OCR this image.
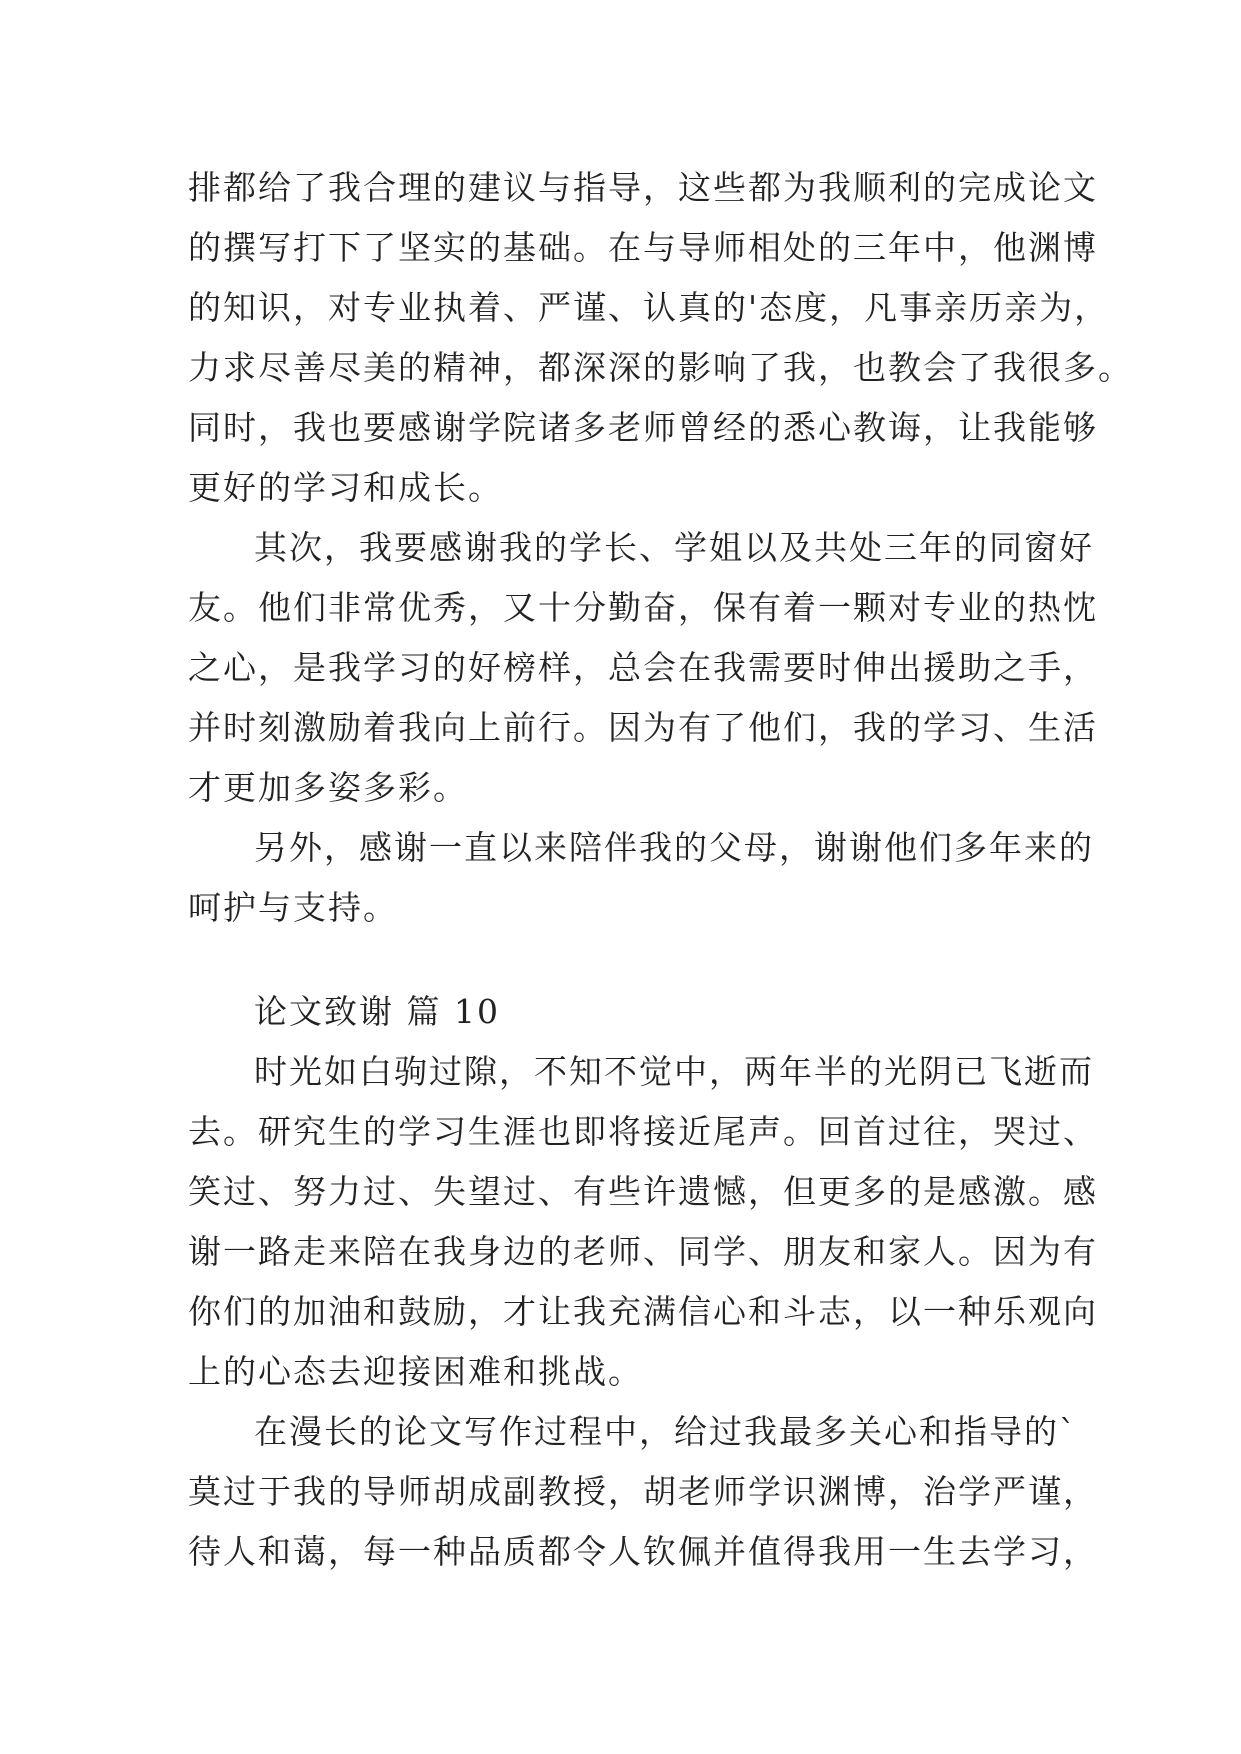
排都给了我合理的建议与指导，这些都为我顺利的完成论文
的撰写打下了坚实的基础。在与导师相处的三年中，他渊博
的知识，对专业执着、严谨、认真的'态度，凡事亲历亲为，
力求尽善尽美的精神，都深深的影响了我，也教会了我很多。
同时，我也要感谢学院诸多老师曾经的悉心教诲，让我能够
更好的学习和成长。
其次，我要感谢我的学长、学姐以及共处三年的同窗好
友。他们非常优秀，又十分勤奋，保有着一颗对专业的热忱
之心，是我学习的好榜样，总会在我需要时伸出援助之手，
并时刻激励着我向上前行。因为有了他们，我的学习、生活
才更加多姿多彩。
另外，感谢一直以来陪伴我的父母，谢谢他们多年来的
呵护与支持。
论文致谢 篇 10
时光如白驹过隙，不知不觉中，两年半的光阴已飞逝而
去。研究生的学习生涯也即将接近尾声。回首过往，哭过、
笑过、努力过、失望过、有些许遗憾，但更多的是感激。感
谢一路走来陪在我身边的老师、同学、朋友和家人。因为有
你们的加油和鼓励，才让我充满信心和斗志，以一种乐观向
上的心态去迎接困难和挑战。
在漫长的论文写作过程中，给过我最多关心和指导的`
莫过于我的导师胡成副教授，胡老师学识渊博，治学严谨，
待人和蔼，每一种品质都令人钦佩并值得我用一生去学习，
